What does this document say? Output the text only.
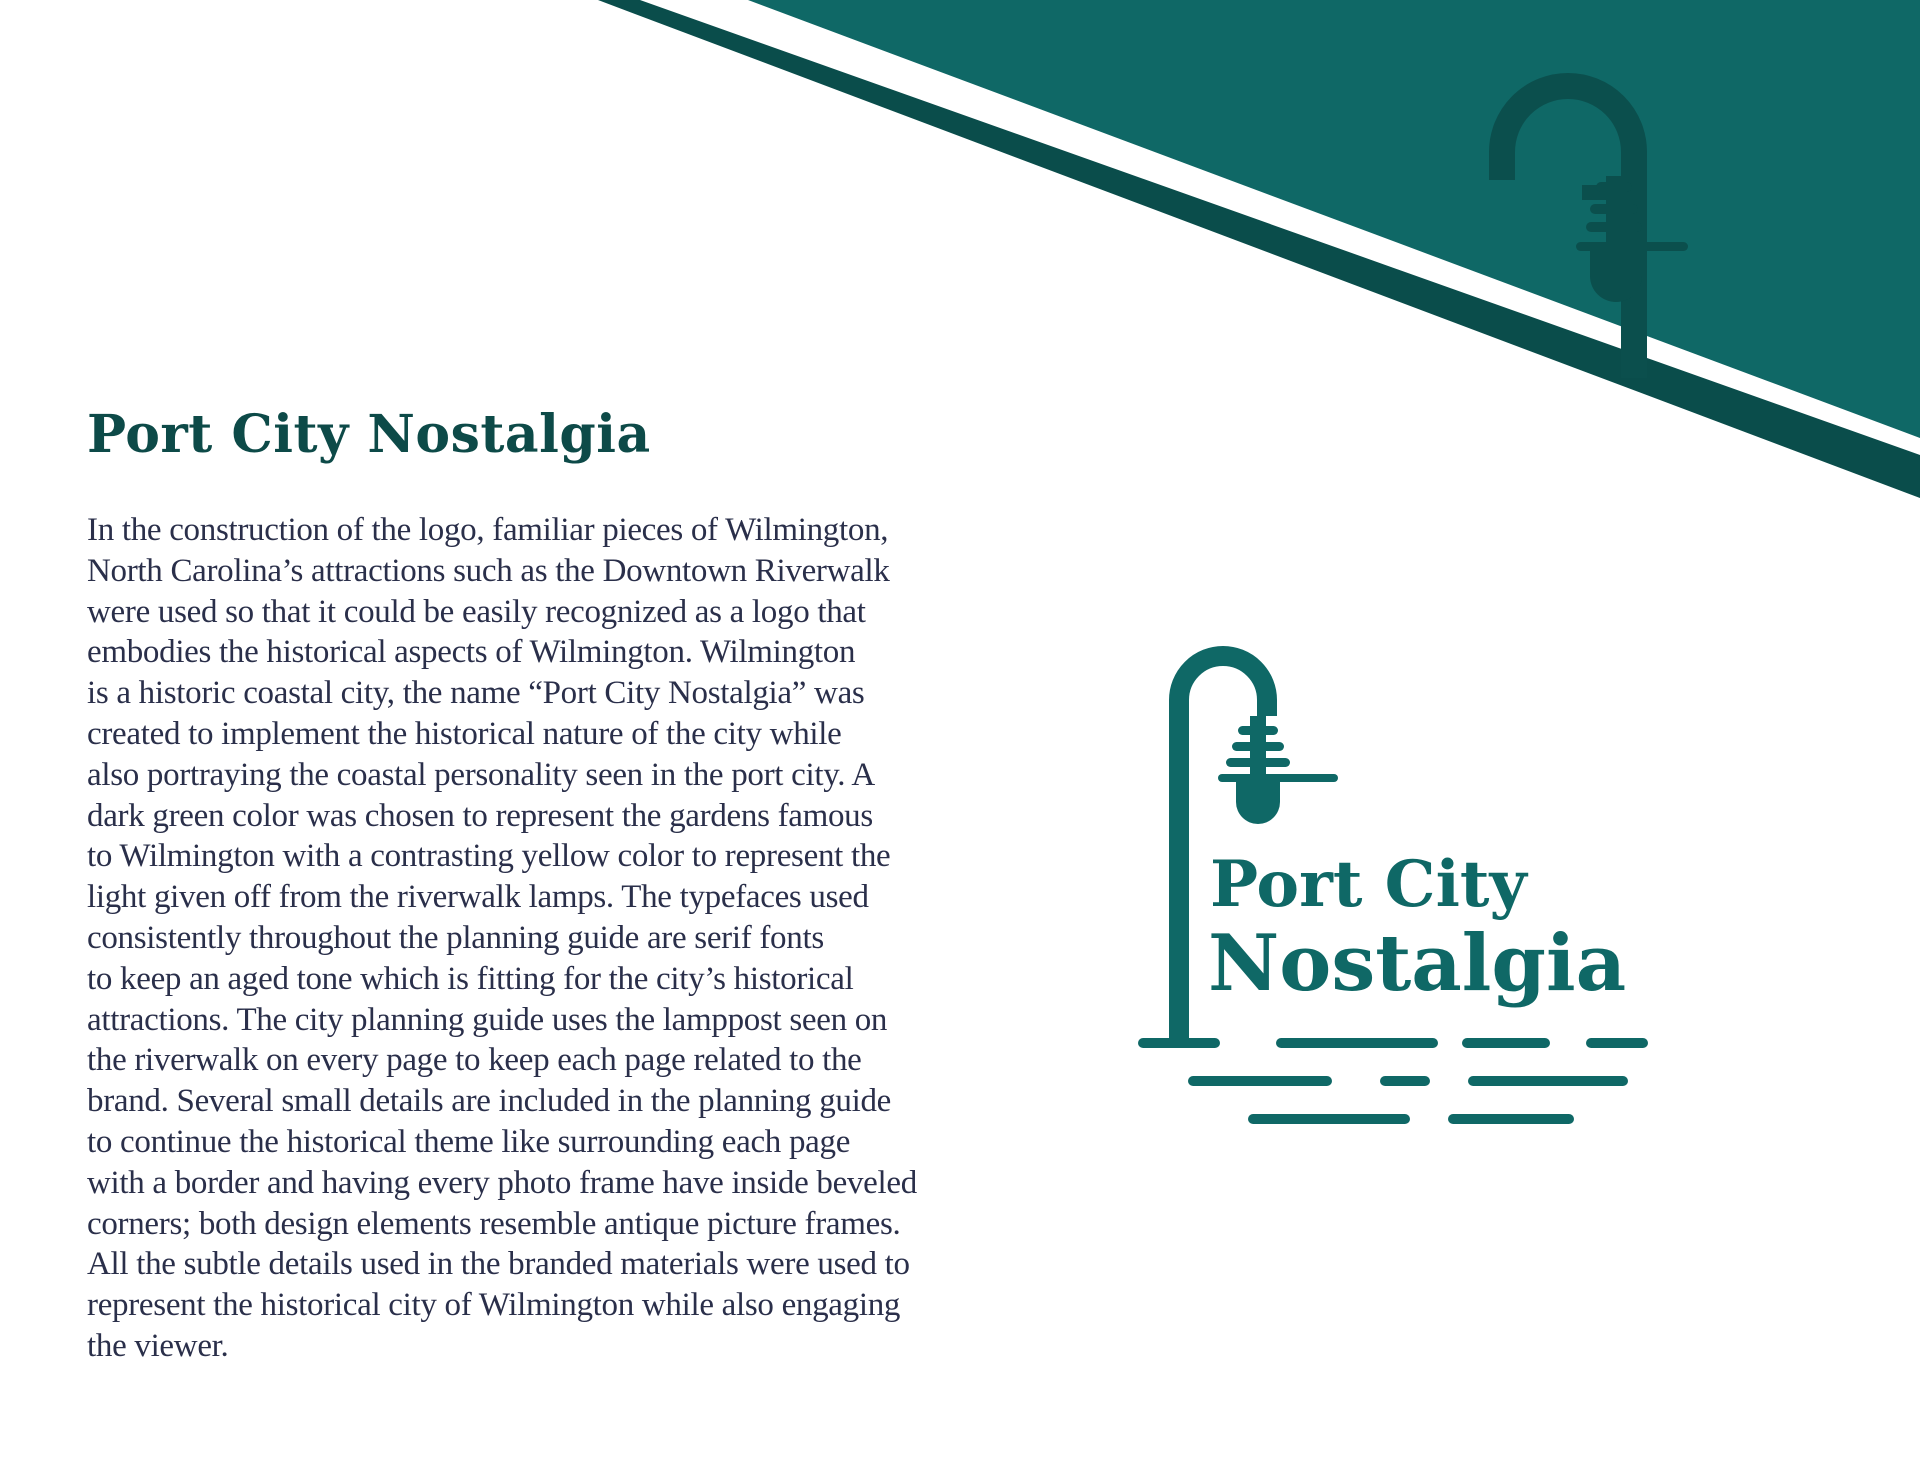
Port City Nostalgia
In the construction of the logo, familiar pieces of Wilmington,
North Carolina’s attractions such as the Downtown Riverwalk
were used so that it could be easily recognized as a logo that
embodies the historical aspects of Wilmington. Wilmington
is a historic coastal city, the name “Port City Nostalgia” was
created to implement the historical nature of the city while
also portraying the coastal personality seen in the port city. A
dark green color was chosen to represent the gardens famous
to Wilmington with a contrasting yellow color to represent the
light given off from the riverwalk lamps. The typefaces used
consistently throughout the planning guide are serif fonts
to keep an aged tone which is fitting for the city’s historical
attractions. The city planning guide uses the lamppost seen on
the riverwalk on every page to keep each page related to the
brand. Several small details are included in the planning guide
to continue the historical theme like surrounding each page
with a border and having every photo frame have inside beveled
corners; both design elements resemble antique picture frames.
All the subtle details used in the branded materials were used to
represent the historical city of Wilmington while also engaging
the viewer.
Port City
Nostalgia
